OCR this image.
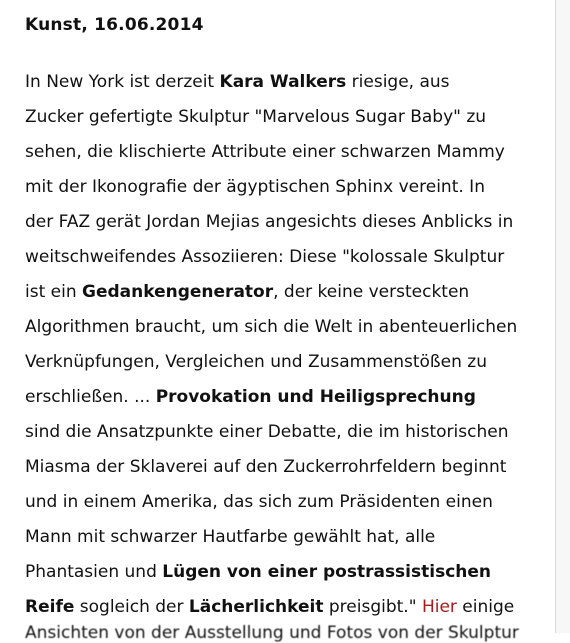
Kunst, 16.06.2014
In New York ist derzeit Kara Walkers riesige, aus
Zucker gefertigte Skulptur "Marvelous Sugar Baby" zu
sehen, die klischierte Attribute einer schwarzen Mammy
mit der Ikonografie der ägyptischen Sphinx vereint. In
der FAZ gerät Jordan Mejias angesichts dieses Anblicks in
weitschweifendes Assoziieren: Diese "kolossale Skulptur
ist ein Gedankengenerator, der keine versteckten
Algorithmen braucht, um sich die Welt in abenteuerlichen
Verknüpfungen, Vergleichen und Zusammenstößen zu
erschließen. ... Provokation und Heiligsprechung
sind die Ansatzpunkte einer Debatte, die im historischen
Miasma der Sklaverei auf den Zuckerrohrfeldern beginnt
und in einem Amerika, das sich zum Präsidenten einen
Mann mit schwarzer Hautfarbe gewählt hat, alle
Phantasien und Lügen von einer postrassistischen
Reife sogleich der Lächerlichkeit preisgibt." Hier einige
Ansichten von der Ausstellung und Fotos von der Skulptur
